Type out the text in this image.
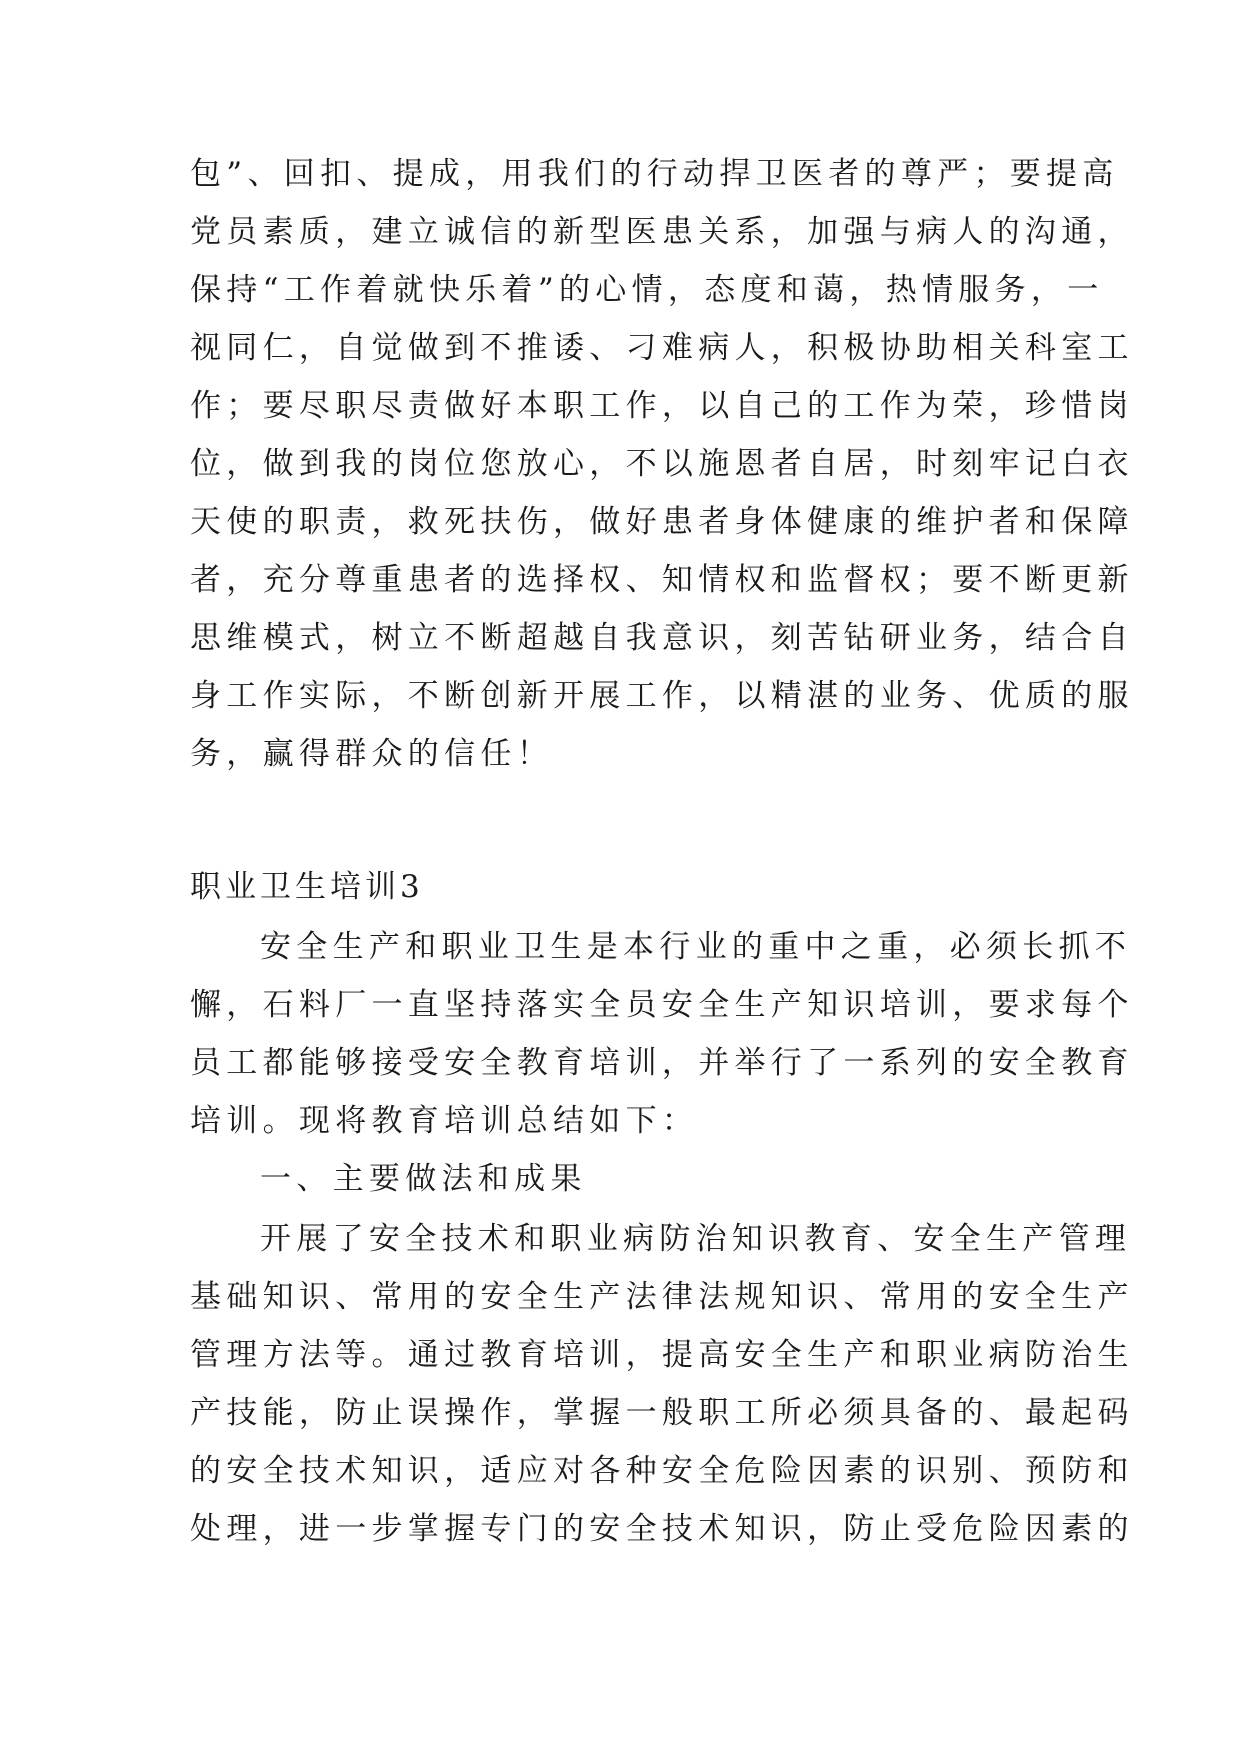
包”、回扣、提成，用我们的行动捍卫医者的尊严；要提高
党员素质，建立诚信的新型医患关系，加强与病人的沟通，
保持“工作着就快乐着”的心情，态度和蔼，热情服务，一
视同仁，自觉做到不推诿、刁难病人，积极协助相关科室工
作；要尽职尽责做好本职工作，以自己的工作为荣，珍惜岗
位，做到我的岗位您放心，不以施恩者自居，时刻牢记白衣
天使的职责，救死扶伤，做好患者身体健康的维护者和保障
者，充分尊重患者的选择权、知情权和监督权；要不断更新
思维模式，树立不断超越自我意识，刻苦钻研业务，结合自
身工作实际，不断创新开展工作，以精湛的业务、优质的服
务，赢得群众的信任！
职业卫生培训3
安全生产和职业卫生是本行业的重中之重，必须长抓不
懈，石料厂一直坚持落实全员安全生产知识培训，要求每个
员工都能够接受安全教育培训，并举行了一系列的安全教育
培训。现将教育培训总结如下：
一、主要做法和成果
开展了安全技术和职业病防治知识教育、安全生产管理
基础知识、常用的安全生产法律法规知识、常用的安全生产
管理方法等。通过教育培训，提高安全生产和职业病防治生
产技能，防止误操作，掌握一般职工所必须具备的、最起码
的安全技术知识，适应对各种安全危险因素的识别、预防和
处理，进一步掌握专门的安全技术知识，防止受危险因素的
